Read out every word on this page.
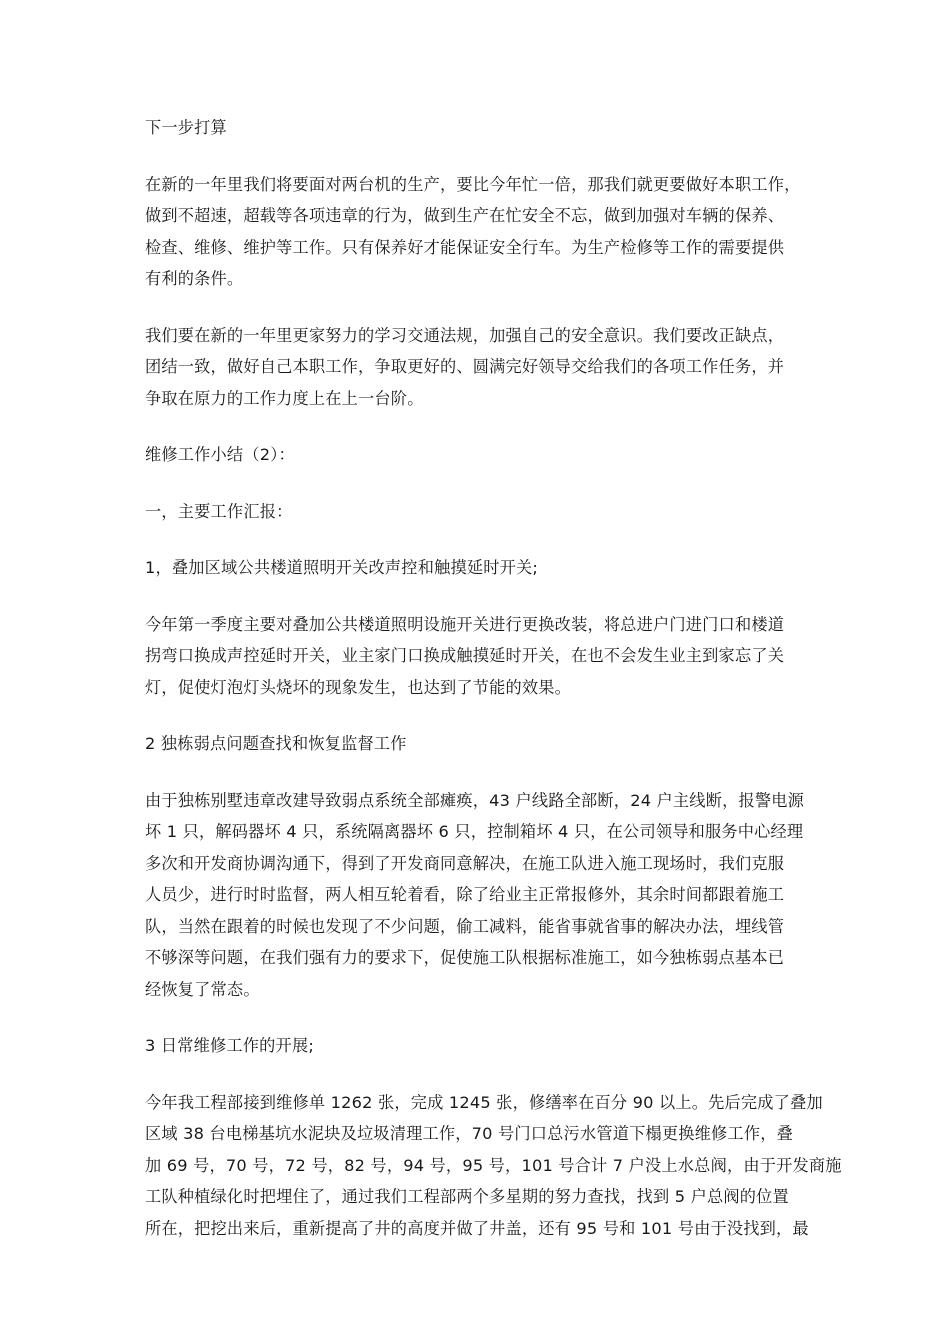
下一步打算

在新的一年里我们将要面对两台机的生产，要比今年忙一倍，那我们就更要做好本职工作，
做到不超速，超载等各项违章的行为，做到生产在忙安全不忘，做到加强对车辆的保养、
检查、维修、维护等工作。只有保养好才能保证安全行车。为生产检修等工作的需要提供
有利的条件。

我们要在新的一年里更家努力的学习交通法规，加强自己的安全意识。我们要改正缺点，
团结一致，做好自己本职工作，争取更好的、圆满完好领导交给我们的各项工作任务，并
争取在原力的工作力度上在上一台阶。

维修工作小结（2）：

一，主要工作汇报：

1，叠加区域公共楼道照明开关改声控和触摸延时开关;

今年第一季度主要对叠加公共楼道照明设施开关进行更换改装，将总进户门进门口和楼道
拐弯口换成声控延时开关，业主家门口换成触摸延时开关，在也不会发生业主到家忘了关
灯，促使灯泡灯头烧坏的现象发生，也达到了节能的效果。

2 独栋弱点问题查找和恢复监督工作

由于独栋别墅违章改建导致弱点系统全部瘫痪，43 户线路全部断，24 户主线断，报警电源
坏 1 只，解码器坏 4 只，系统隔离器坏 6 只，控制箱坏 4 只，在公司领导和服务中心经理
多次和开发商协调沟通下，得到了开发商同意解决，在施工队进入施工现场时，我们克服
人员少，进行时时监督，两人相互轮着看，除了给业主正常报修外，其余时间都跟着施工
队，当然在跟着的时候也发现了不少问题，偷工减料，能省事就省事的解决办法，埋线管
不够深等问题，在我们强有力的要求下，促使施工队根据标准施工，如今独栋弱点基本已
经恢复了常态。

3 日常维修工作的开展;

今年我工程部接到维修单 1262 张，完成 1245 张，修缮率在百分 90 以上。先后完成了叠加
区域 38 台电梯基坑水泥块及垃圾清理工作，70 号门口总污水管道下榻更换维修工作，叠
加 69 号，70 号，72 号，82 号，94 号，95 号，101 号合计 7 户没上水总阀，由于开发商施
工队种植绿化时把埋住了，通过我们工程部两个多星期的努力查找，找到 5 户总阀的位置
所在，把挖出来后，重新提高了井的高度并做了井盖，还有 95 号和 101 号由于没找到，最
